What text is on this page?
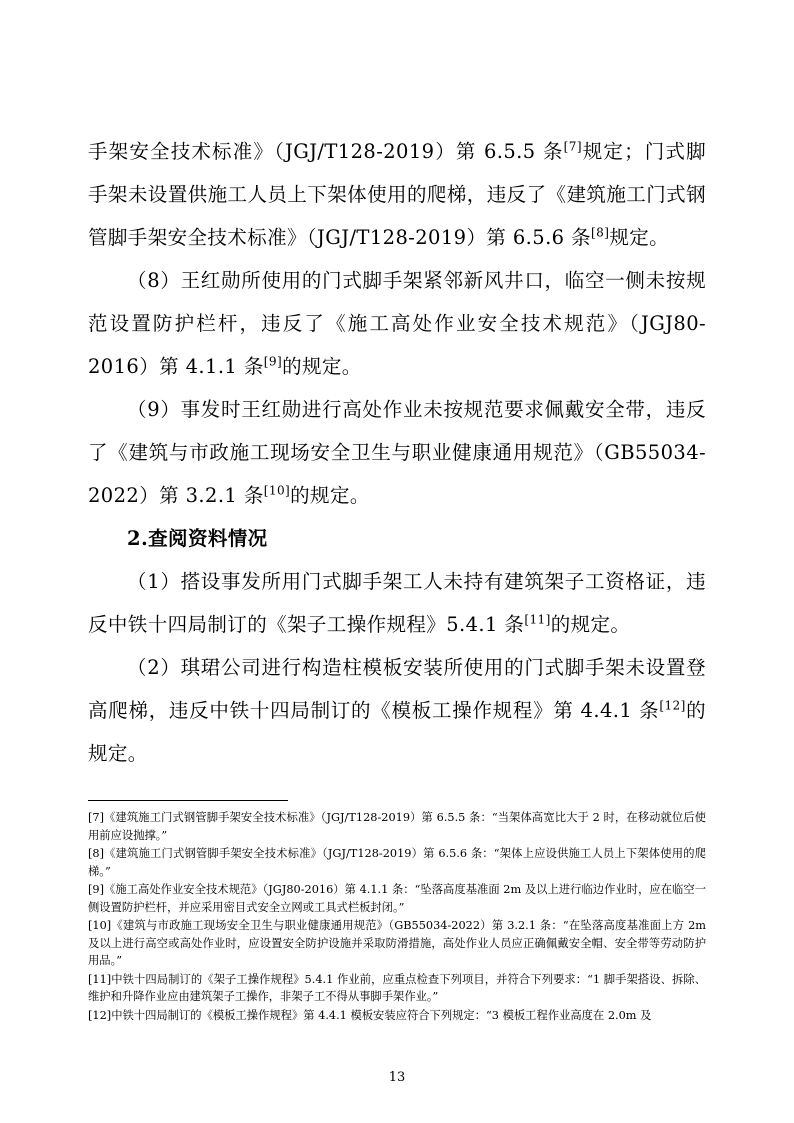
手架安全技术标准》（JGJ/T128-2019）第 6.5.5 条[7]规定；门式脚手架未设置供施工人员上下架体使用的爬梯，违反了《建筑施工门式钢管脚手架安全技术标准》（JGJ/T128-2019）第 6.5.6 条[8]规定。

（8）王红勋所使用的门式脚手架紧邻新风井口，临空一侧未按规范设置防护栏杆，违反了《施工高处作业安全技术规范》（JGJ80-2016）第 4.1.1 条[9]的规定。

（9）事发时王红勋进行高处作业未按规范要求佩戴安全带，违反了《建筑与市政施工现场安全卫生与职业健康通用规范》（GB55034-2022）第 3.2.1 条[10]的规定。

2.查阅资料情况

（1）搭设事发所用门式脚手架工人未持有建筑架子工资格证，违反中铁十四局制订的《架子工操作规程》5.4.1 条[11]的规定。

（2）琪珺公司进行构造柱模板安装所使用的门式脚手架未设置登高爬梯，违反中铁十四局制订的《模板工操作规程》第 4.4.1 条[12]的规定。

[7]《建筑施工门式钢管脚手架安全技术标准》（JGJ/T128-2019）第 6.5.5 条：“当架体高宽比大于 2 时，在移动就位后使用前应设抛撑。”

[8]《建筑施工门式钢管脚手架安全技术标准》（JGJ/T128-2019）第 6.5.6 条：“架体上应设供施工人员上下架体使用的爬梯。”

[9]《施工高处作业安全技术规范》（JGJ80-2016）第 4.1.1 条：“坠落高度基准面 2m 及以上进行临边作业时，应在临空一侧设置防护栏杆，并应采用密目式安全立网或工具式栏板封闭。”

[10]《建筑与市政施工现场安全卫生与职业健康通用规范》（GB55034-2022）第 3.2.1 条：“在坠落高度基准面上方 2m 及以上进行高空或高处作业时，应设置安全防护设施并采取防滑措施，高处作业人员应正确佩戴安全帽、安全带等劳动防护用品。”

[11]中铁十四局制订的《架子工操作规程》5.4.1 作业前，应重点检查下列项目，并符合下列要求：“1 脚手架搭设、拆除、维护和升降作业应由建筑架子工操作，非架子工不得从事脚手架作业。”

[12]中铁十四局制订的《模板工操作规程》第 4.4.1 模板安装应符合下列规定：“3 模板工程作业高度在 2.0m 及

13
